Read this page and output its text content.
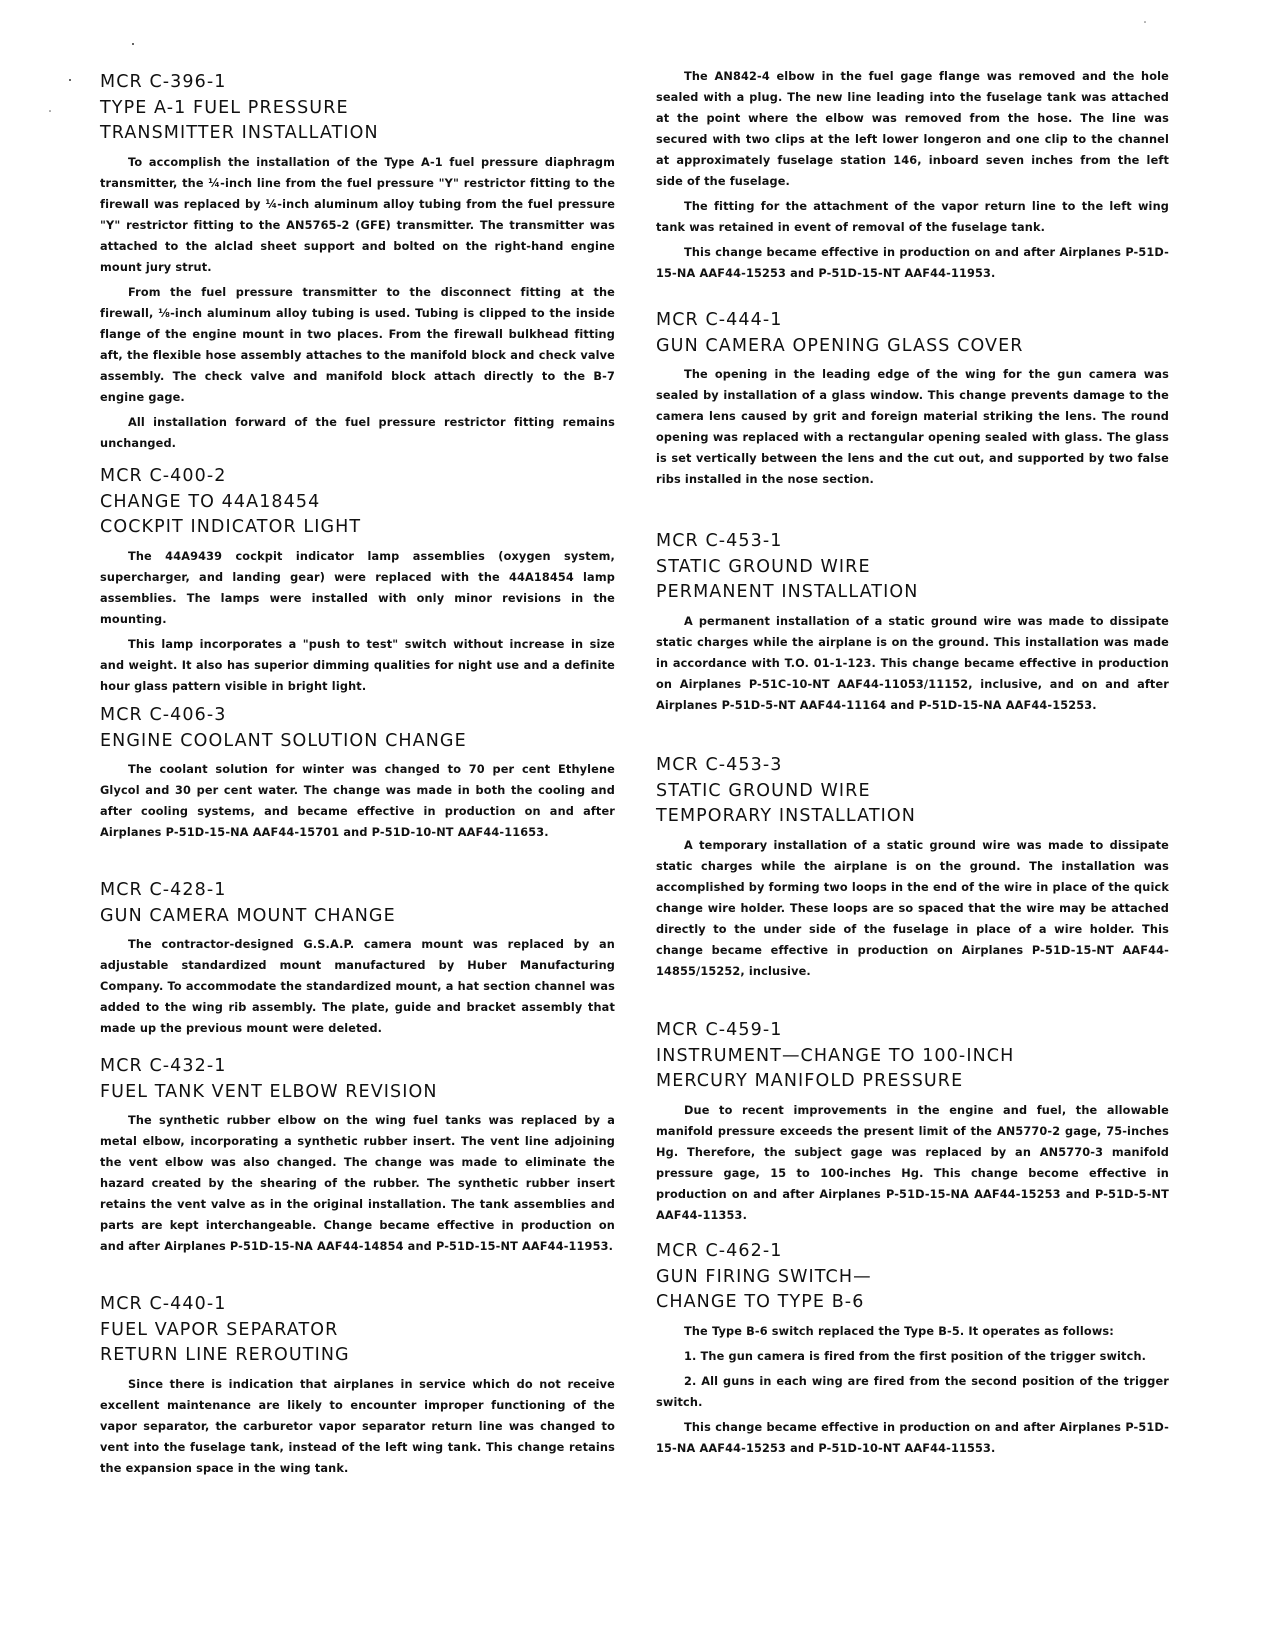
MCR C-396-1
TYPE A-1 FUEL PRESSURE
TRANSMITTER INSTALLATION

To accomplish the installation of the Type A-1 fuel pressure diaphragm transmitter, the ¼-inch line from the fuel pressure "Y" restrictor fitting to the firewall was replaced by ¼-inch aluminum alloy tubing from the fuel pressure "Y" restrictor fitting to the AN5765-2 (GFE) transmitter. The transmitter was attached to the alclad sheet support and bolted on the right-hand engine mount jury strut.

From the fuel pressure transmitter to the disconnect fitting at the firewall, ⅛-inch aluminum alloy tubing is used. Tubing is clipped to the inside flange of the engine mount in two places. From the firewall bulkhead fitting aft, the flexible hose assembly attaches to the manifold block and check valve assembly. The check valve and manifold block attach directly to the B-7 engine gage.

All installation forward of the fuel pressure restrictor fitting remains unchanged.

MCR C-400-2
CHANGE TO 44A18454
COCKPIT INDICATOR LIGHT

The 44A9439 cockpit indicator lamp assemblies (oxygen system, supercharger, and landing gear) were replaced with the 44A18454 lamp assemblies. The lamps were installed with only minor revisions in the mounting.

This lamp incorporates a "push to test" switch without increase in size and weight. It also has superior dimming qualities for night use and a definite hour glass pattern visible in bright light.

MCR C-406-3
ENGINE COOLANT SOLUTION CHANGE

The coolant solution for winter was changed to 70 per cent Ethylene Glycol and 30 per cent water. The change was made in both the cooling and after cooling systems, and became effective in production on and after Airplanes P-51D-15-NA AAF44-15701 and P-51D-10-NT AAF44-11653.

MCR C-428-1
GUN CAMERA MOUNT CHANGE

The contractor-designed G.S.A.P. camera mount was replaced by an adjustable standardized mount manufactured by Huber Manufacturing Company. To accommodate the standardized mount, a hat section channel was added to the wing rib assembly. The plate, guide and bracket assembly that made up the previous mount were deleted.

MCR C-432-1
FUEL TANK VENT ELBOW REVISION

The synthetic rubber elbow on the wing fuel tanks was replaced by a metal elbow, incorporating a synthetic rubber insert. The vent line adjoining the vent elbow was also changed. The change was made to eliminate the hazard created by the shearing of the rubber. The synthetic rubber insert retains the vent valve as in the original installation. The tank assemblies and parts are kept interchangeable. Change became effective in production on and after Airplanes P-51D-15-NA AAF44-14854 and P-51D-15-NT AAF44-11953.

MCR C-440-1
FUEL VAPOR SEPARATOR
RETURN LINE REROUTING

Since there is indication that airplanes in service which do not receive excellent maintenance are likely to encounter improper functioning of the vapor separator, the carburetor vapor separator return line was changed to vent into the fuselage tank, instead of the left wing tank. This change retains the expansion space in the wing tank.

The AN842-4 elbow in the fuel gage flange was removed and the hole sealed with a plug. The new line leading into the fuselage tank was attached at the point where the elbow was removed from the hose. The line was secured with two clips at the left lower longeron and one clip to the channel at approximately fuselage station 146, inboard seven inches from the left side of the fuselage.

The fitting for the attachment of the vapor return line to the left wing tank was retained in event of removal of the fuselage tank.

This change became effective in production on and after Airplanes P-51D-15-NA AAF44-15253 and P-51D-15-NT AAF44-11953.

MCR C-444-1
GUN CAMERA OPENING GLASS COVER

The opening in the leading edge of the wing for the gun camera was sealed by installation of a glass window. This change prevents damage to the camera lens caused by grit and foreign material striking the lens. The round opening was replaced with a rectangular opening sealed with glass. The glass is set vertically between the lens and the cut out, and supported by two false ribs installed in the nose section.

MCR C-453-1
STATIC GROUND WIRE
PERMANENT INSTALLATION

A permanent installation of a static ground wire was made to dissipate static charges while the airplane is on the ground. This installation was made in accordance with T.O. 01-1-123. This change became effective in production on Airplanes P-51C-10-NT AAF44-11053/11152, inclusive, and on and after Airplanes P-51D-5-NT AAF44-11164 and P-51D-15-NA AAF44-15253.

MCR C-453-3
STATIC GROUND WIRE
TEMPORARY INSTALLATION

A temporary installation of a static ground wire was made to dissipate static charges while the airplane is on the ground. The installation was accomplished by forming two loops in the end of the wire in place of the quick change wire holder. These loops are so spaced that the wire may be attached directly to the under side of the fuselage in place of a wire holder. This change became effective in production on Airplanes P-51D-15-NT AAF44-14855/15252, inclusive.

MCR C-459-1
INSTRUMENT—CHANGE TO 100-INCH
MERCURY MANIFOLD PRESSURE

Due to recent improvements in the engine and fuel, the allowable manifold pressure exceeds the present limit of the AN5770-2 gage, 75-inches Hg. Therefore, the subject gage was replaced by an AN5770-3 manifold pressure gage, 15 to 100-inches Hg. This change become effective in production on and after Airplanes P-51D-15-NA AAF44-15253 and P-51D-5-NT AAF44-11353.

MCR C-462-1
GUN FIRING SWITCH—
CHANGE TO TYPE B-6

The Type B-6 switch replaced the Type B-5. It operates as follows:

1. The gun camera is fired from the first position of the trigger switch.

2. All guns in each wing are fired from the second position of the trigger switch.

This change became effective in production on and after Airplanes P-51D-15-NA AAF44-15253 and P-51D-10-NT AAF44-11553.
